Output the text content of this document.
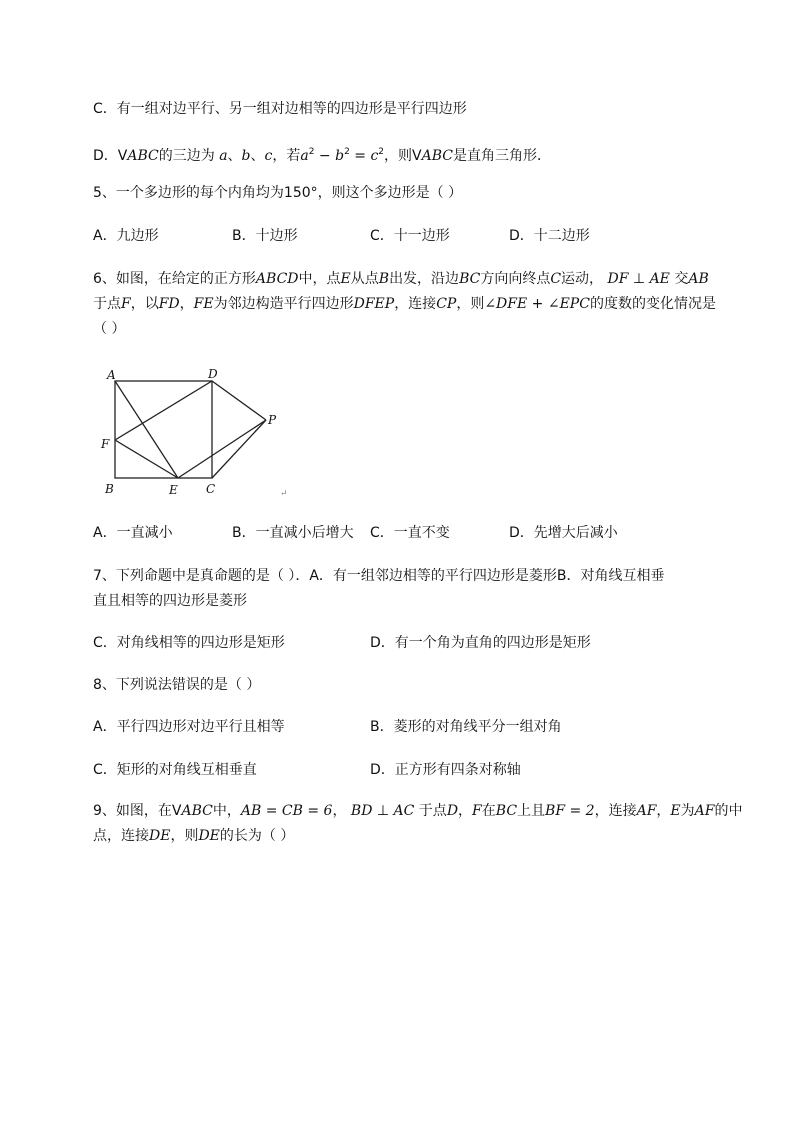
C．有一组对边平行、另一组对边相等的四边形是平行四边形
D．VABC的三边为 a、b、c，若$a^2 - b^2 = c^2$，则VABC是直角三角形．
5、一个多边形的每个内角均为150°，则这个多边形是（ ）
A．九边形	B．十边形	C．十一边形	D．十二边形
6、如图，在给定的正方形ABCD中，点E从点B出发，沿边BC方向向终点C运动， DF ⊥ AE 交AB
于点F，以FD，FE为邻边构造平行四边形DFEP，连接CP，则∠DFE + ∠EPC的度数的变化情况是
（ ）
A	D
P
F
B	E C	↵
A．一直减小	B．一直减小后增大 C．一直不变	D．先增大后减小
7、下列命题中是真命题的是（ ）．A．有一组邻边相等的平行四边形是菱形B．对角线互相垂
直且相等的四边形是菱形
C．对角线相等的四边形是矩形	D．有一个角为直角的四边形是矩形
8、下列说法错误的是（ ）
A．平行四边形对边平行且相等	B．菱形的对角线平分一组对角
C．矩形的对角线互相垂直	D．正方形有四条对称轴
9、如图，在VABC中，AB = CB = 6， BD ⊥ AC 于点D，F在BC上且BF = 2，连接AF，E为AF的中
点，连接DE，则DE的长为（ ）
